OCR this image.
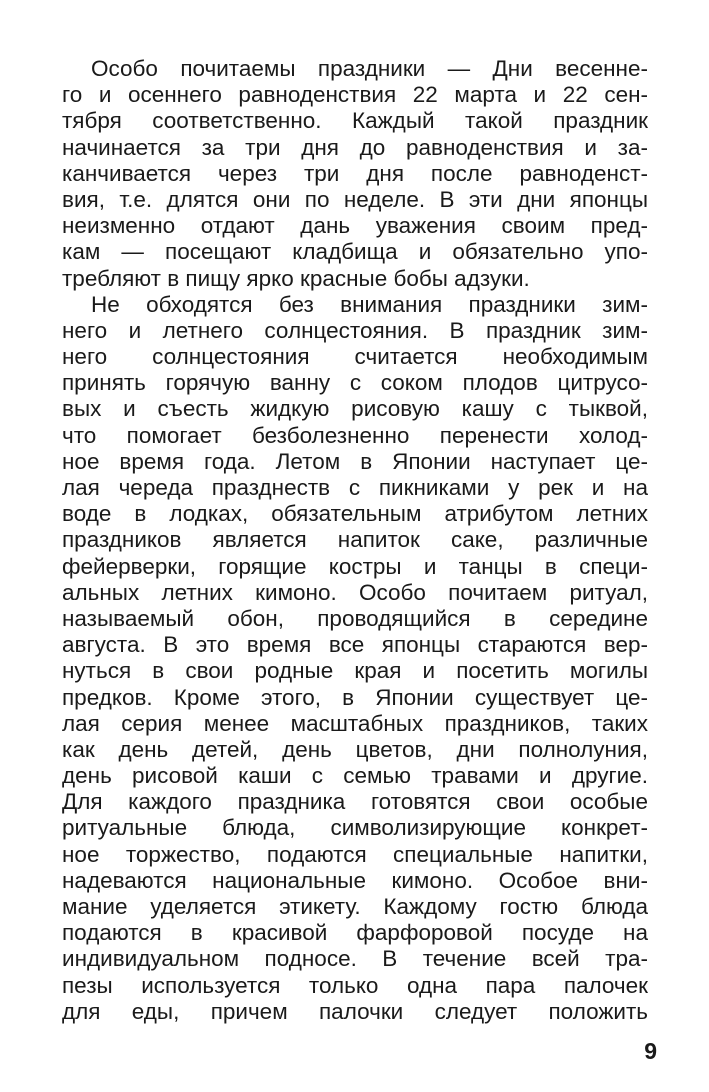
Особо почитаемы праздники — Дни весенне-
го и осеннего равноденствия 22 марта и 22 сен-
тября соответственно. Каждый такой праздник
начинается за три дня до равноденствия и за-
канчивается через три дня после равноденст-
вия, т.е. длятся они по неделе. В эти дни японцы
неизменно отдают дань уважения своим пред-
кам — посещают кладбища и обязательно упо-
требляют в пищу ярко красные бобы адзуки.
Не обходятся без внимания праздники зим-
него и летнего солнцестояния. В праздник зим-
него солнцестояния считается необходимым
принять горячую ванну с соком плодов цитрусо-
вых и съесть жидкую рисовую кашу с тыквой,
что помогает безболезненно перенести холод-
ное время года. Летом в Японии наступает це-
лая череда празднеств с пикниками у рек и на
воде в лодках, обязательным атрибутом летних
праздников является напиток саке, различные
фейерверки, горящие костры и танцы в специ-
альных летних кимоно. Особо почитаем ритуал,
называемый обон, проводящийся в середине
августа. В это время все японцы стараются вер-
нуться в свои родные края и посетить могилы
предков. Кроме этого, в Японии существует це-
лая серия менее масштабных праздников, таких
как день детей, день цветов, дни полнолуния,
день рисовой каши с семью травами и другие.
Для каждого праздника готовятся свои особые
ритуальные блюда, символизирующие конкрет-
ное торжество, подаются специальные напитки,
надеваются национальные кимоно. Особое вни-
мание уделяется этикету. Каждому гостю блюда
подаются в красивой фарфоровой посуде на
индивидуальном подносе. В течение всей тра-
пезы используется только одна пара палочек
для еды, причем палочки следует положить
9
